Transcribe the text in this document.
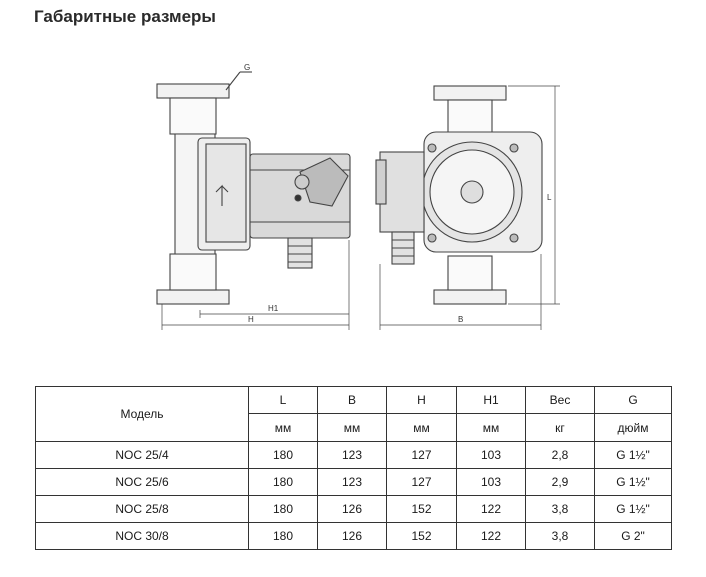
Габаритные размеры
G
H1
H	B
L
Модель	L	B	H	H1	Вес	G
	мм	мм	мм	мм	кг	дюйм
NOC 25/4	180	123	127	103	2,8	G 1½"
NOC 25/6	180	123	127	103	2,9	G 1½"
NOC 25/8	180	126	152	122	3,8	G 1½"
NOC 30/8	180	126	152	122	3,8	G 2"
